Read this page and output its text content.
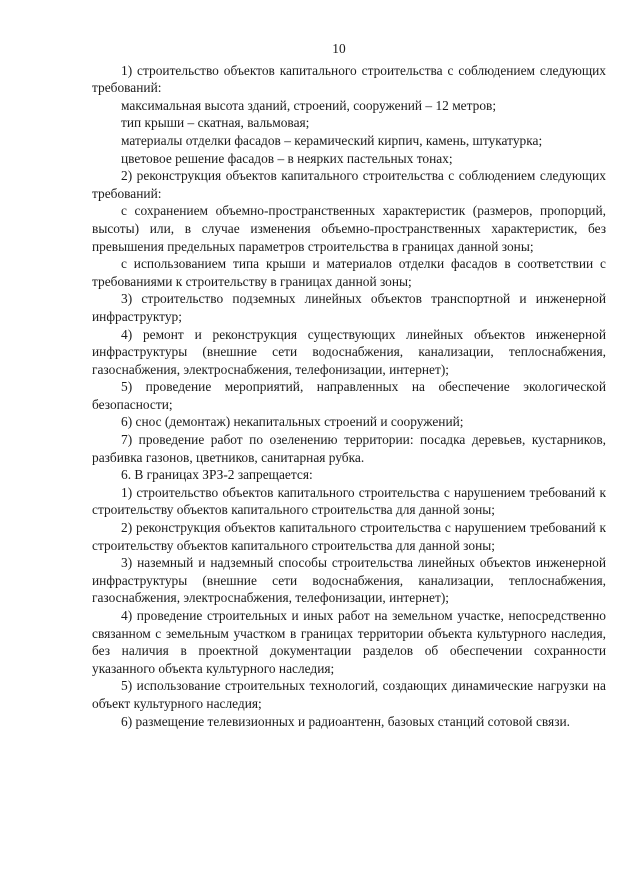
10

1) строительство объектов капитального строительства с соблюдением следующих требований:

максимальная высота зданий, строений, сооружений – 12 метров;

тип крыши – скатная, вальмовая;

материалы отделки фасадов – керамический кирпич, камень, штукатурка;

цветовое решение фасадов – в неярких пастельных тонах;

2) реконструкция объектов капитального строительства с соблюдением следующих требований:

с сохранением объемно-пространственных характеристик (размеров, пропорций, высоты) или, в случае изменения объемно-пространственных характеристик, без превышения предельных параметров строительства в границах данной зоны;

с использованием типа крыши и материалов отделки фасадов в соответствии с требованиями к строительству в границах данной зоны;

3) строительство подземных линейных объектов транспортной и инженерной инфраструктур;

4) ремонт и реконструкция существующих линейных объектов инженерной инфраструктуры (внешние сети водоснабжения, канализации, теплоснабжения, газоснабжения, электроснабжения, телефонизации, интернет);

5) проведение мероприятий, направленных на обеспечение экологической безопасности;

6) снос (демонтаж) некапитальных строений и сооружений;

7) проведение работ по озеленению территории: посадка деревьев, кустарников, разбивка газонов, цветников, санитарная рубка.

6. В границах ЗРЗ-2 запрещается:

1) строительство объектов капитального строительства с нарушением требований к строительству объектов капитального строительства для данной зоны;

2) реконструкция объектов капитального строительства с нарушением требований к строительству объектов капитального строительства для данной зоны;

3) наземный и надземный способы строительства линейных объектов инженерной инфраструктуры (внешние сети водоснабжения, канализации, теплоснабжения, газоснабжения, электроснабжения, телефонизации, интернет);

4) проведение строительных и иных работ на земельном участке, непосредственно связанном с земельным участком в границах территории объекта культурного наследия, без наличия в проектной документации разделов об обеспечении сохранности указанного объекта культурного наследия;

5) использование строительных технологий, создающих динамические нагрузки на объект культурного наследия;

6) размещение телевизионных и радиоантенн, базовых станций сотовой связи.
